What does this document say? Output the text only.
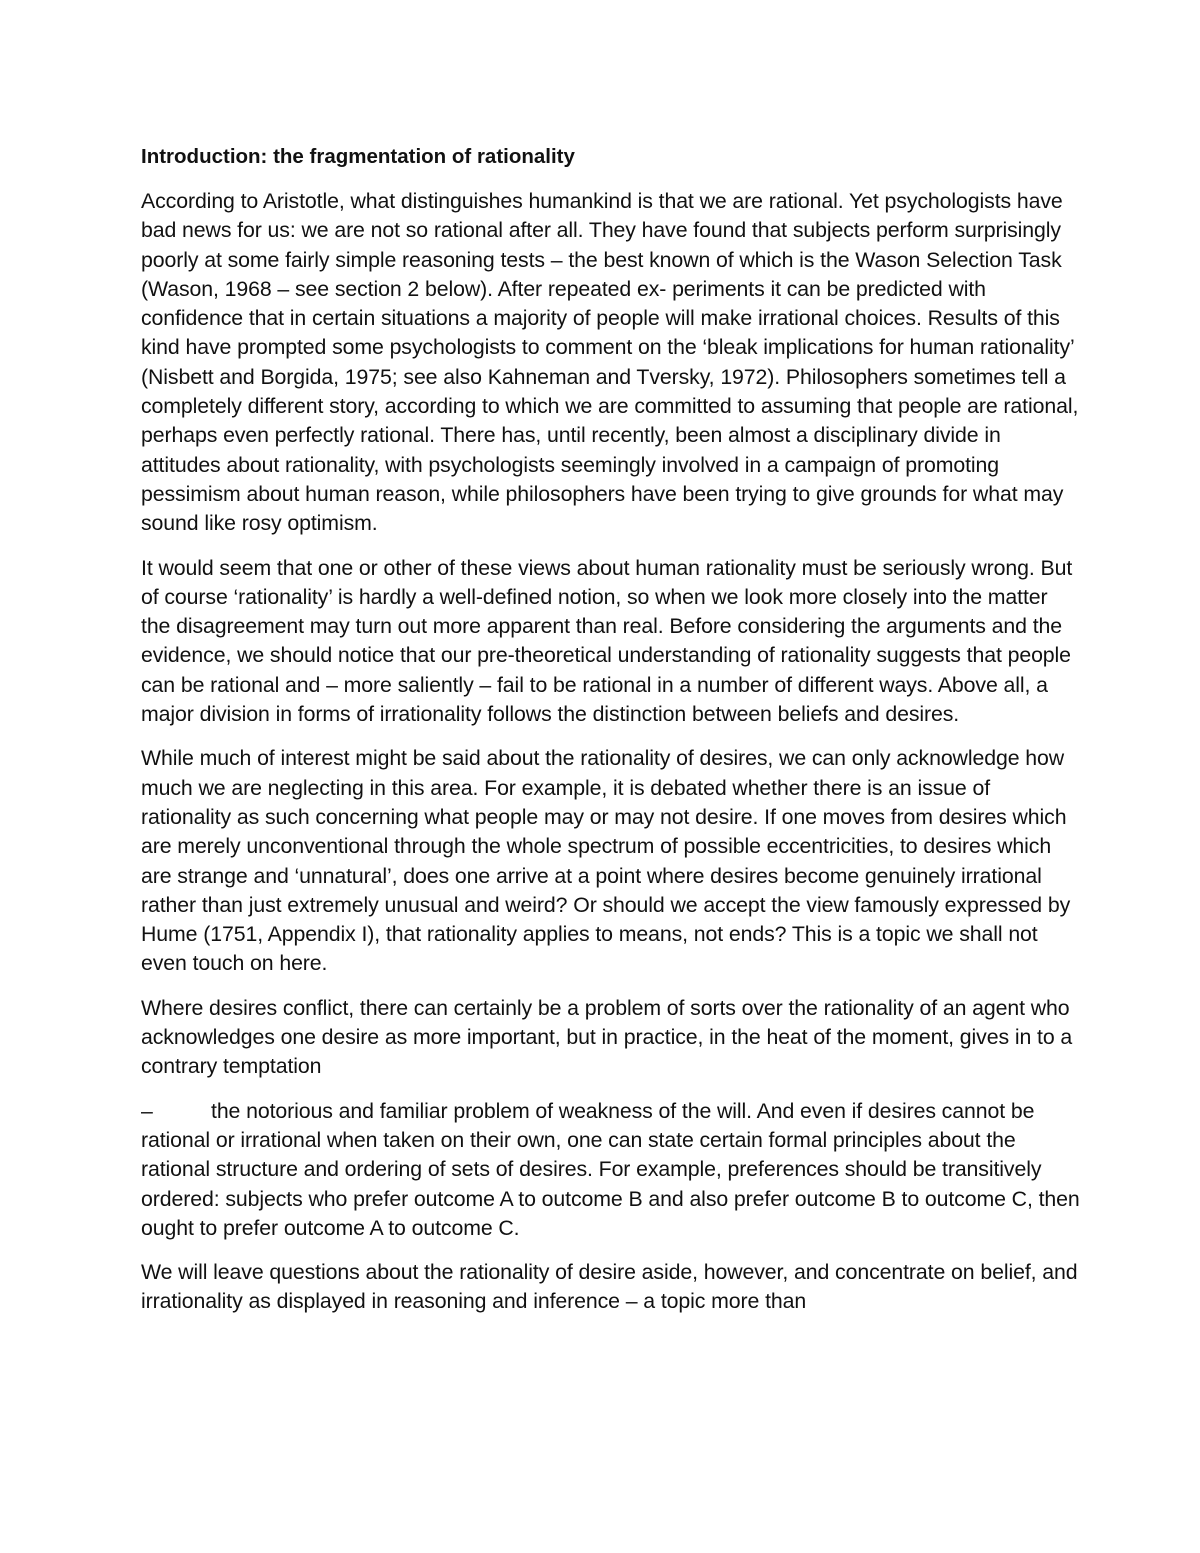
Introduction: the fragmentation of rationality

According to Aristotle, what distinguishes humankind is that we are rational. Yet psychologists have bad news for us: we are not so rational after all. They have found that subjects perform surprisingly poorly at some fairly simple reasoning tests – the best known of which is the Wason Selection Task (Wason, 1968 – see section 2 below). After repeated ex- periments it can be predicted with confidence that in certain situations a majority of people will make irrational choices. Results of this kind have prompted some psychologists to comment on the ‘bleak implications for human rationality’ (Nisbett and Borgida, 1975; see also Kahneman and Tversky, 1972). Philosophers sometimes tell a completely different story, according to which we are committed to assuming that people are rational, perhaps even perfectly rational. There has, until recently, been almost a disciplinary divide in attitudes about rationality, with psychologists seemingly involved in a campaign of promoting pessimism about human reason, while philosophers have been trying to give grounds for what may sound like rosy optimism.

It would seem that one or other of these views about human rationality must be seriously wrong. But of course ‘rationality’ is hardly a well-defined notion, so when we look more closely into the matter the disagreement may turn out more apparent than real. Before considering the arguments and the evidence, we should notice that our pre-theoretical understanding of rationality suggests that people can be rational and – more saliently – fail to be rational in a number of different ways. Above all, a major division in forms of irrationality follows the distinction between beliefs and desires.

While much of interest might be said about the rationality of desires, we can only acknowledge how much we are neglecting in this area. For example, it is debated whether there is an issue of rationality as such concerning what people may or may not desire. If one moves from desires which are merely unconventional through the whole spectrum of possible eccentricities, to desires which are strange and ‘unnatural’, does one arrive at a point where desires become genuinely irrational rather than just extremely unusual and weird? Or should we accept the view famously expressed by Hume (1751, Appendix I), that rationality applies to means, not ends? This is a topic we shall not even touch on here.

Where desires conflict, there can certainly be a problem of sorts over the rationality of an agent who acknowledges one desire as more important, but in practice, in the heat of the moment, gives in to a contrary temptation

–	the notorious and familiar problem of weakness of the will. And even if desires cannot be rational or irrational when taken on their own, one can state certain formal principles about the rational structure and ordering of sets of desires. For example, preferences should be transitively ordered: subjects who prefer outcome A to outcome B and also prefer outcome B to outcome C, then ought to prefer outcome A to outcome C.

We will leave questions about the rationality of desire aside, however, and concentrate on belief, and irrationality as displayed in reasoning and inference – a topic more than
